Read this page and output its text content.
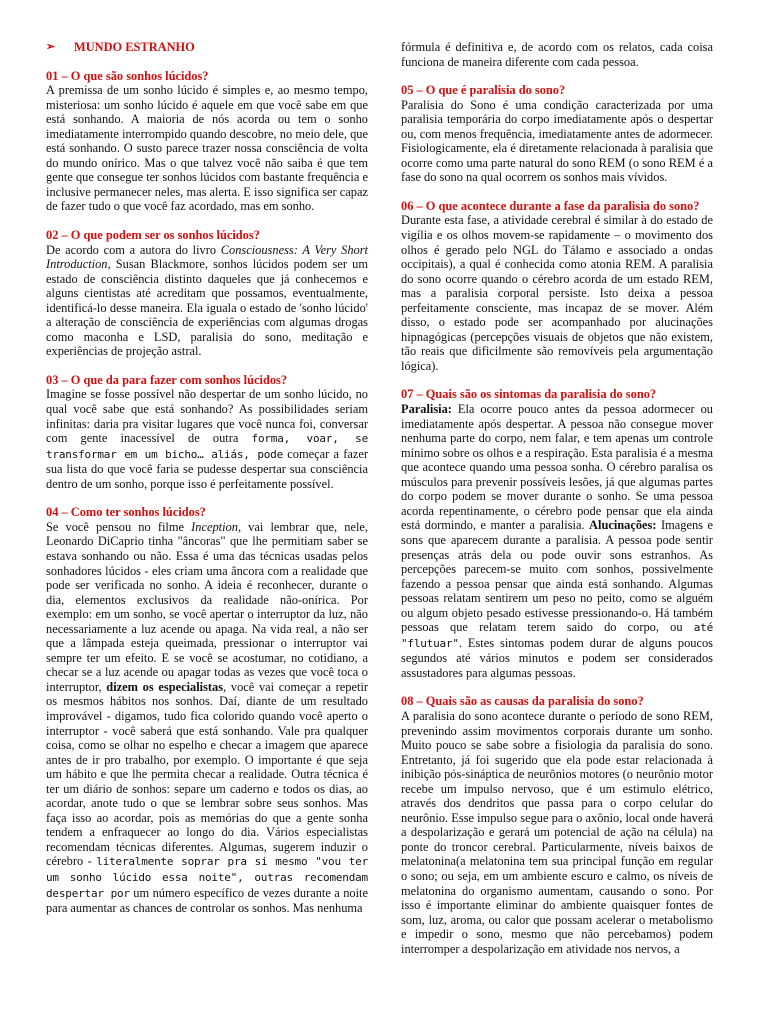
➢ MUNDO ESTRANHO

01 – O que são sonhos lúcidos?

A premissa de um sonho lúcido é simples e, ao mesmo tempo, misteriosa: um sonho lúcido é aquele em que você sabe em que está sonhando. A maioria de nós acorda ou tem o sonho imediatamente interrompido quando descobre, no meio dele, que está sonhando. O susto parece trazer nossa consciência de volta do mundo onírico. Mas o que talvez você não saiba é que tem gente que consegue ter sonhos lúcidos com bastante frequência e inclusive permanecer neles, mas alerta. E isso significa ser capaz de fazer tudo o que você faz acordado, mas em sonho.

02 – O que podem ser os sonhos lúcidos?

De acordo com a autora do livro Consciousness: A Very Short Introduction, Susan Blackmore, sonhos lúcidos podem ser um estado de consciência distinto daqueles que já conhecemos e alguns cientistas até acreditam que possamos, eventualmente, identificá-lo desse maneira. Ela iguala o estado de 'sonho lúcido' a alteração de consciência de experiências com algumas drogas como maconha e LSD, paralisia do sono, meditação e experiências de projeção astral.

03 – O que da para fazer com sonhos lúcidos?

Imagine se fosse possível não despertar de um sonho lúcido, no qual você sabe que está sonhando? As possibilidades seriam infinitas: daria pra visitar lugares que você nunca foi, conversar com gente inacessível de outra forma, voar, se transformar em um bicho… aliás, pode começar a fazer sua lista do que você faria se pudesse despertar sua consciência dentro de um sonho, porque isso é perfeitamente possível.

04 – Como ter sonhos lúcidos?

Se você pensou no filme Inception, vai lembrar que, nele, Leonardo DiCaprio tinha "âncoras" que lhe permitiam saber se estava sonhando ou não. Essa é uma das técnicas usadas pelos sonhadores lúcidos - eles criam uma âncora com a realidade que pode ser verificada no sonho. A ideia é reconhecer, durante o dia, elementos exclusivos da realidade não-onírica. Por exemplo: em um sonho, se você apertar o interruptor da luz, não necessariamente a luz acende ou apaga. Na vida real, a não ser que a lâmpada esteja queimada, pressionar o interruptor vai sempre ter um efeito. E se você se acostumar, no cotidiano, a checar se a luz acende ou apagar todas as vezes que você toca o interruptor, dizem os especialistas, você vai começar a repetir os mesmos hábitos nos sonhos. Daí, diante de um resultado improvável - digamos, tudo fica colorido quando você aperto o interruptor - você saberá que está sonhando. Vale pra qualquer coisa, como se olhar no espelho e checar a imagem que aparece antes de ir pro trabalho, por exemplo. O importante é que seja um hábito e que lhe permita checar a realidade. Outra técnica é ter um diário de sonhos: separe um caderno e todos os dias, ao acordar, anote tudo o que se lembrar sobre seus sonhos. Mas faça isso ao acordar, pois as memórias do que a gente sonha tendem a enfraquecer ao longo do dia. Vários especialistas recomendam técnicas diferentes. Algumas, sugerem induzir o cérebro - literalmente soprar pra si mesmo "vou ter um sonho lúcido essa noite", outras recomendam despertar por um número específico de vezes durante a noite para aumentar as chances de controlar os sonhos. Mas nenhuma

fórmula é definitiva e, de acordo com os relatos, cada coisa funciona de maneira diferente com cada pessoa.

05 – O que é paralisia do sono?

Paralisia do Sono é uma condição caracterizada por uma paralisia temporária do corpo imediatamente após o despertar ou, com menos frequência, imediatamente antes de adormecer. Fisiologicamente, ela é diretamente relacionada à paralisia que ocorre como uma parte natural do sono REM (o sono REM é a fase do sono na qual ocorrem os sonhos mais vívidos.

06 – O que acontece durante a fase da paralisia do sono?

Durante esta fase, a atividade cerebral é similar à do estado de vigília e os olhos movem-se rapidamente – o movimento dos olhos é gerado pelo NGL do Tálamo e associado a ondas occipitais), a qual é conhecida como atonia REM. A paralisia do sono ocorre quando o cérebro acorda de um estado REM, mas a paralisia corporal persiste. Isto deixa a pessoa perfeitamente consciente, mas incapaz de se mover. Além disso, o estado pode ser acompanhado por alucinações hipnagógicas (percepções visuais de objetos que não existem, tão reais que dificilmente são removíveis pela argumentação lógica).

07 – Quais são os sintomas da paralisia do sono?

Paralisia: Ela ocorre pouco antes da pessoa adormecer ou imediatamente após despertar. A pessoa não consegue mover nenhuma parte do corpo, nem falar, e tem apenas um controle mínimo sobre os olhos e a respiração. Esta paralisia é a mesma que acontece quando uma pessoa sonha. O cérebro paralisa os músculos para prevenir possíveis lesões, já que algumas partes do corpo podem se mover durante o sonho. Se uma pessoa acorda repentinamente, o cérebro pode pensar que ela ainda está dormindo, e manter a paralisia. Alucinações: Imagens e sons que aparecem durante a paralisia. A pessoa pode sentir presenças atrás dela ou pode ouvir sons estranhos. As percepções parecem-se muito com sonhos, possivelmente fazendo a pessoa pensar que ainda está sonhando. Algumas pessoas relatam sentirem um peso no peito, como se alguém ou algum objeto pesado estivesse pressionando-o. Há também pessoas que relatam terem saido do corpo, ou até "flutuar". Estes sintomas podem durar de alguns poucos segundos até vários minutos e podem ser considerados assustadores para algumas pessoas.

08 – Quais são as causas da paralisia do sono?

A paralisia do sono acontece durante o período de sono REM, prevenindo assim movimentos corporais durante um sonho. Muito pouco se sabe sobre a fisiologia da paralisia do sono. Entretanto, já foi sugerido que ela pode estar relacionada à inibição pós-sináptica de neurônios motores (o neurônio motor recebe um impulso nervoso, que é um estimulo elétrico, através dos dendritos que passa para o corpo celular do neurônio. Esse impulso segue para o axônio, local onde haverá a despolarização e gerará um potencial de ação na célula) na ponte do troncor cerebral. Particularmente, níveis baixos de melatonina(a melatonina tem sua principal função em regular o sono; ou seja, em um ambiente escuro e calmo, os níveis de melatonina do organismo aumentam, causando o sono. Por isso é importante eliminar do ambiente quaisquer fontes de som, luz, aroma, ou calor que possam acelerar o metabolismo e impedir o sono, mesmo que não percebamos) podem interromper a despolarização em atividade nos nervos, a
